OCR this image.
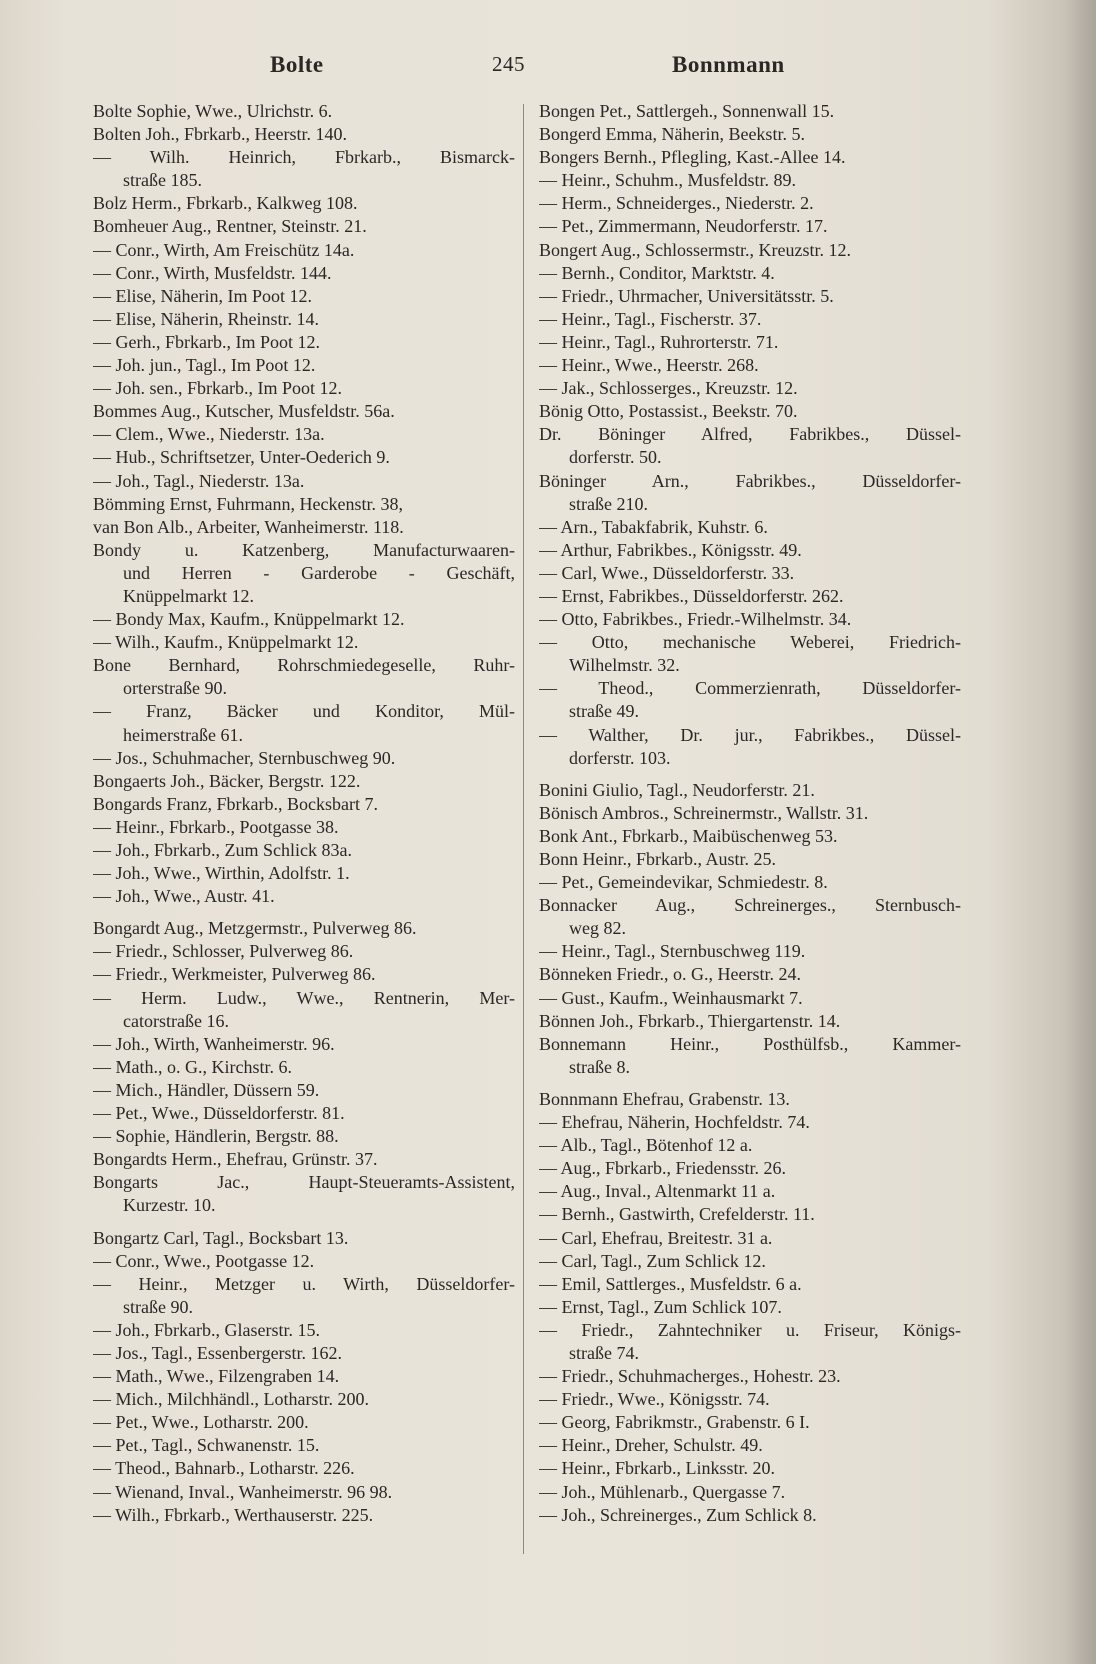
Bolte	245	Bonnmann
Bolte Sophie, Wwe., Ulrichstr. 6.
Bolten Joh., Fbrkarb., Heerstr. 140.
— Wilh. Heinrich, Fbrkarb., Bismarck-
straße 185.
Bolz Herm., Fbrkarb., Kalkweg 108.
Bomheuer Aug., Rentner, Steinstr. 21.
— Conr., Wirth, Am Freischütz 14a.
— Conr., Wirth, Musfeldstr. 144.
— Elise, Näherin, Im Poot 12.
— Elise, Näherin, Rheinstr. 14.
— Gerh., Fbrkarb., Im Poot 12.
— Joh. jun., Tagl., Im Poot 12.
— Joh. sen., Fbrkarb., Im Poot 12.
Bommes Aug., Kutscher, Musfeldstr. 56a.
— Clem., Wwe., Niederstr. 13a.
— Hub., Schriftsetzer, Unter-Oederich 9.
— Joh., Tagl., Niederstr. 13a.
Bömming Ernst, Fuhrmann, Heckenstr. 38,
van Bon Alb., Arbeiter, Wanheimerstr. 118.
Bondy u. Katzenberg, Manufacturwaaren-
und Herren - Garderobe - Geschäft,
Knüppelmarkt 12.
— Bondy Max, Kaufm., Knüppelmarkt 12.
— Wilh., Kaufm., Knüppelmarkt 12.
Bone Bernhard, Rohrschmiedegeselle, Ruhr-
orterstraße 90.
— Franz, Bäcker und Konditor, Mül-
heimerstraße 61.
— Jos., Schuhmacher, Sternbuschweg 90.
Bongaerts Joh., Bäcker, Bergstr. 122.
Bongards Franz, Fbrkarb., Bocksbart 7.
— Heinr., Fbrkarb., Pootgasse 38.
— Joh., Fbrkarb., Zum Schlick 83a.
— Joh., Wwe., Wirthin, Adolfstr. 1.
— Joh., Wwe., Austr. 41.
Bongardt Aug., Metzgermstr., Pulverweg 86.
— Friedr., Schlosser, Pulverweg 86.
— Friedr., Werkmeister, Pulverweg 86.
— Herm. Ludw., Wwe., Rentnerin, Mer-
catorstraße 16.
— Joh., Wirth, Wanheimerstr. 96.
— Math., o. G., Kirchstr. 6.
— Mich., Händler, Düssern 59.
— Pet., Wwe., Düsseldorferstr. 81.
— Sophie, Händlerin, Bergstr. 88.
Bongardts Herm., Ehefrau, Grünstr. 37.
Bongarts Jac., Haupt-Steueramts-Assistent,
Kurzestr. 10.
Bongartz Carl, Tagl., Bocksbart 13.
— Conr., Wwe., Pootgasse 12.
— Heinr., Metzger u. Wirth, Düsseldorfer-
straße 90.
— Joh., Fbrkarb., Glaserstr. 15.
— Jos., Tagl., Essenbergerstr. 162.
— Math., Wwe., Filzengraben 14.
— Mich., Milchhändl., Lotharstr. 200.
— Pet., Wwe., Lotharstr. 200.
— Pet., Tagl., Schwanenstr. 15.
— Theod., Bahnarb., Lotharstr. 226.
— Wienand, Inval., Wanheimerstr. 96 98.
— Wilh., Fbrkarb., Werthauserstr. 225.
Bongen Pet., Sattlergeh., Sonnenwall 15.
Bongerd Emma, Näherin, Beekstr. 5.
Bongers Bernh., Pflegling, Kast.-Allee 14.
— Heinr., Schuhm., Musfeldstr. 89.
— Herm., Schneiderges., Niederstr. 2.
— Pet., Zimmermann, Neudorferstr. 17.
Bongert Aug., Schlossermstr., Kreuzstr. 12.
— Bernh., Conditor, Marktstr. 4.
— Friedr., Uhrmacher, Universitätsstr. 5.
— Heinr., Tagl., Fischerstr. 37.
— Heinr., Tagl., Ruhrorterstr. 71.
— Heinr., Wwe., Heerstr. 268.
— Jak., Schlosserges., Kreuzstr. 12.
Bönig Otto, Postassist., Beekstr. 70.
Dr. Böninger Alfred, Fabrikbes., Düssel-
dorferstr. 50.
Böninger Arn., Fabrikbes., Düsseldorfer-
straße 210.
— Arn., Tabakfabrik, Kuhstr. 6.
— Arthur, Fabrikbes., Königsstr. 49.
— Carl, Wwe., Düsseldorferstr. 33.
— Ernst, Fabrikbes., Düsseldorferstr. 262.
— Otto, Fabrikbes., Friedr.-Wilhelmstr. 34.
— Otto, mechanische Weberei, Friedrich-
Wilhelmstr. 32.
— Theod., Commerzienrath, Düsseldorfer-
straße 49.
— Walther, Dr. jur., Fabrikbes., Düssel-
dorferstr. 103.
Bonini Giulio, Tagl., Neudorferstr. 21.
Bönisch Ambros., Schreinermstr., Wallstr. 31.
Bonk Ant., Fbrkarb., Maibüschenweg 53.
Bonn Heinr., Fbrkarb., Austr. 25.
— Pet., Gemeindevikar, Schmiedestr. 8.
Bonnacker Aug., Schreinerges., Sternbusch-
weg 82.
— Heinr., Tagl., Sternbuschweg 119.
Bönneken Friedr., o. G., Heerstr. 24.
— Gust., Kaufm., Weinhausmarkt 7.
Bönnen Joh., Fbrkarb., Thiergartenstr. 14.
Bonnemann Heinr., Posthülfsb., Kammer-
straße 8.
Bonnmann Ehefrau, Grabenstr. 13.
— Ehefrau, Näherin, Hochfeldstr. 74.
— Alb., Tagl., Bötenhof 12 a.
— Aug., Fbrkarb., Friedensstr. 26.
— Aug., Inval., Altenmarkt 11 a.
— Bernh., Gastwirth, Crefelderstr. 11.
— Carl, Ehefrau, Breitestr. 31 a.
— Carl, Tagl., Zum Schlick 12.
— Emil, Sattlerges., Musfeldstr. 6 a.
— Ernst, Tagl., Zum Schlick 107.
— Friedr., Zahntechniker u. Friseur, Königs-
straße 74.
— Friedr., Schuhmacherges., Hohestr. 23.
— Friedr., Wwe., Königsstr. 74.
— Georg, Fabrikmstr., Grabenstr. 6 I.
— Heinr., Dreher, Schulstr. 49.
— Heinr., Fbrkarb., Linksstr. 20.
— Joh., Mühlenarb., Quergasse 7.
— Joh., Schreinerges., Zum Schlick 8.
